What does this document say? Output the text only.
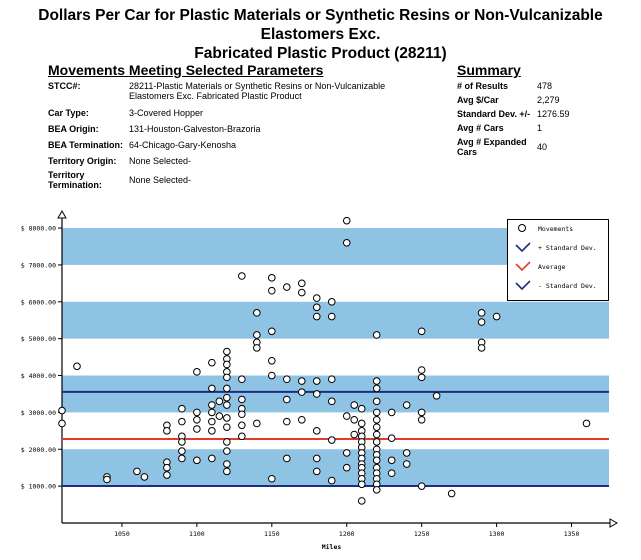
Dollars Per Car for Plastic Materials or Synthetic Resins or Non-Vulcanizable Elastomers Exc.
Fabricated Plastic Product (28211)
Movements Meeting Selected Parameters	Summary
STCC#:	28211-Plastic Materials or Synthetic Resins or Non-Vulcanizable
Elastomers Exc. Fabricated Plastic Product
Car Type:	3-Covered Hopper
BEA Origin:	131-Houston-Galveston-Brazoria
BEA Termination: 64-Chicago-Gary-Kenosha
Territory Origin:	None Selected-
Territory
Termination:	None Selected-
# of Results	478
Avg $/Car	2,279
Standard Dev. +/- 1276.59
Avg # Cars	1
Avg # Expanded
Cars	40
$ 1000.00
$ 2000.00
$ 3000.00
$ 4000.00
$ 5000.00
$ 6000.00
$ 7000.00
$ 8000.00
1050	1100	1150	1200	1250	1300	1350
Miles
Movements
+ Standard Dev.
Average
- Standard Dev.
